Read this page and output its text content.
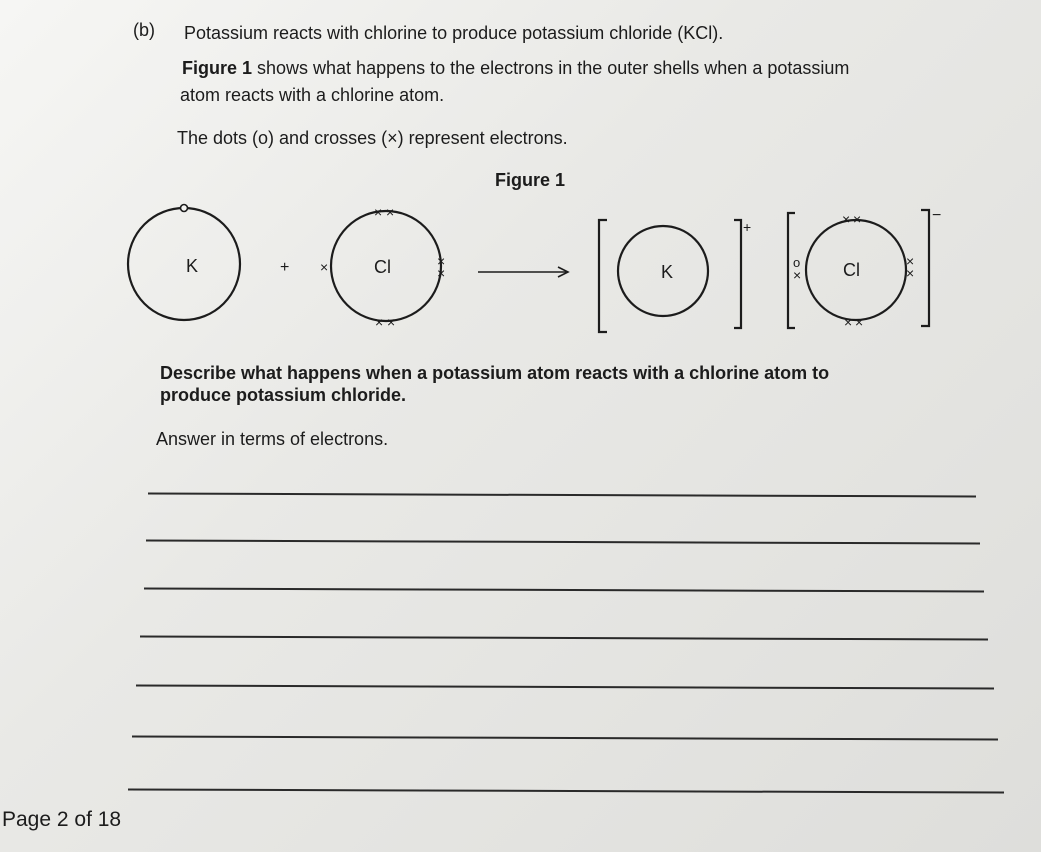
(b) Potassium reacts with chlorine to produce potassium chloride (KCl).
Figure 1 shows what happens to the electrons in the outer shells when a potassium
atom reacts with a chlorine atom.
The dots (o) and crosses (×) represent electrons.
Figure 1
K	+	Cl
× ×
×	×
×
× ×
K
+
Cl
−
× ×
o
×
×
×
× ×
Describe what happens when a potassium atom reacts with a chlorine atom to
produce potassium chloride.
Answer in terms of electrons.
Page 2 of 18
